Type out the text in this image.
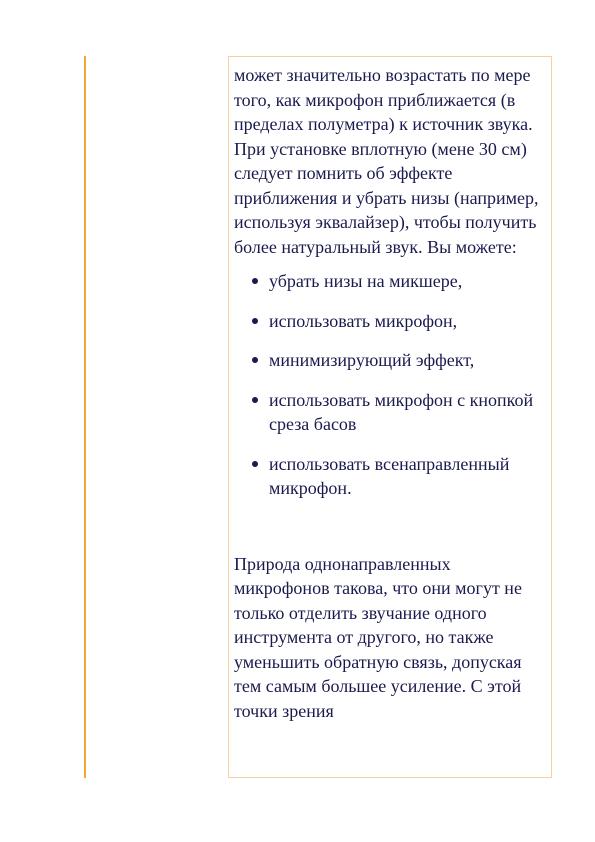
может значительно возрастать по мере того, как микрофон приближается (в пределах полуметра) к источник звука. При установке вплотную (мене 30 см) следует помнить об эффекте приближения и убрать низы (например, используя эквалайзер), чтобы получить более натуральный звук. Вы можете:

убрать низы на микшере,
использовать микрофон,
минимизирующий эффект,
использовать микрофон с кнопкой среза басов
использовать всенаправленный микрофон.

Природа однонаправленных микрофонов такова, что они могут не только отделить звучание одного инструмента от другого, но также уменьшить обратную связь, допуская тем самым большее усиление. С этой точки зрения
